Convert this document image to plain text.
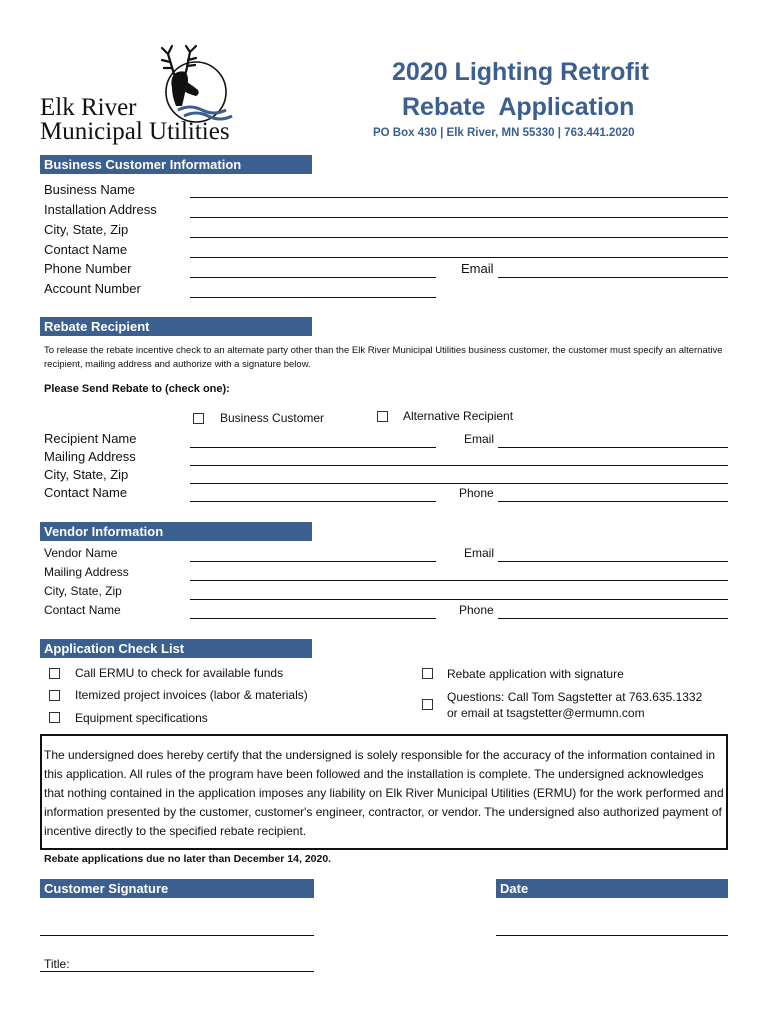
Elk River
Municipal Utilities
2020 Lighting Retrofit
Rebate  Application
PO Box 430 | Elk River, MN 55330 | 763.441.2020
Business Customer Information
Business Name
Installation Address
City, State, Zip
Contact Name
Phone Number	Email
Account Number
Rebate Recipient
To release the rebate incentive check to an alternate party other than the Elk River Municipal Utilities business customer, the customer must specify an alternative recipient, mailing address and authorize with a signature below.
Please Send Rebate to (check one):
Business Customer	Alternative Recipient
Recipient Name	Email
Mailing Address
City, State, Zip
Contact Name	Phone
Vendor Information
Vendor Name	Email
Mailing Address
City, State, Zip
Contact Name	Phone
Application Check List
Call ERMU to check for available funds
Itemized project invoices (labor & materials)
Equipment specifications
Rebate application with signature
Questions: Call Tom Sagstetter at 763.635.1332
or email at tsagstetter@ermumn.com
The undersigned does hereby certify that the undersigned is solely responsible for the accuracy of the information contained in this application. All rules of the program have been followed and the installation is complete. The undersigned acknowledges that nothing contained in the application imposes any liability on Elk River Municipal Utilities (ERMU) for the work performed and information presented by the customer, customer's engineer, contractor, or vendor. The undersigned also authorized payment of incentive directly to the specified rebate recipient.
Rebate applications due no later than December 14, 2020.
Customer Signature	Date
Title:
